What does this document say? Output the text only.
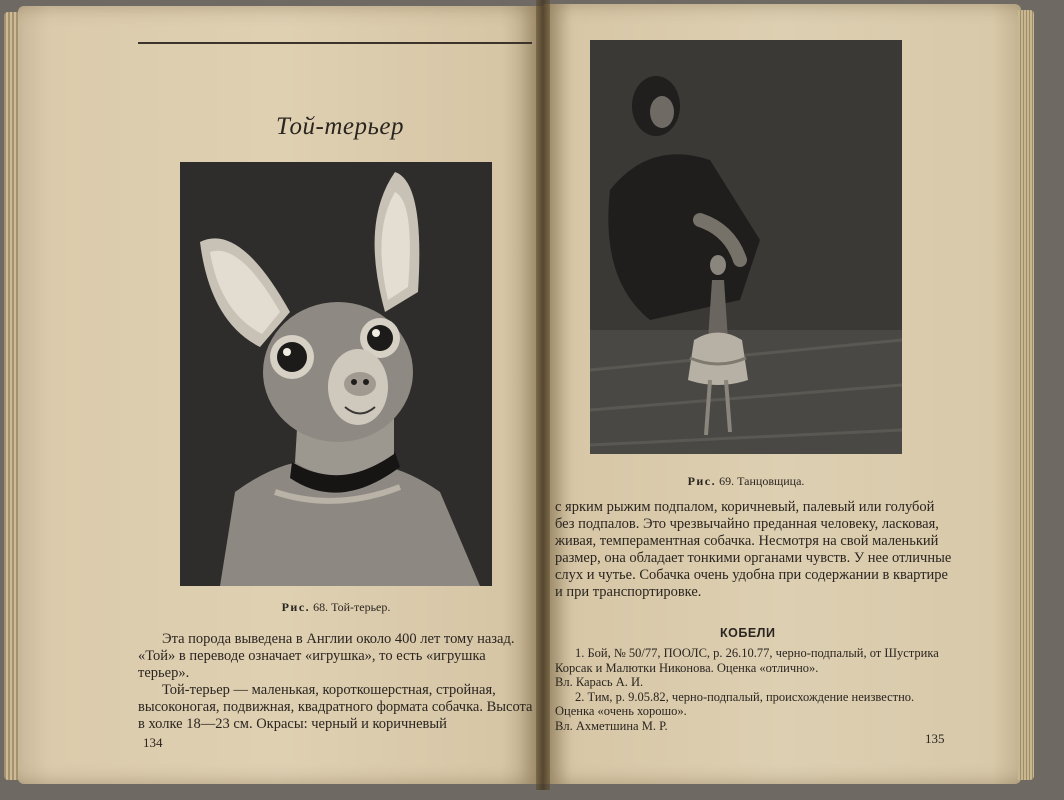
Той-терьер
Рис. 68. Той-терьер.

Эта порода выведена в Англии около 400 лет тому назад. «Той» в переводе означает «игрушка», то есть «игрушка терьер».

Той-терьер — маленькая, короткошерстная, стройная, высоконогая, подвижная, квадратного формата собачка. Высота в холке 18—23 см. Окрасы: черный и коричневый

134
Рис. 69. Танцовщица.

с ярким рыжим подпалом, коричневый, палевый или голубой без подпалов. Это чрезвычайно преданная человеку, ласковая, живая, темпераментная собачка. Несмотря на свой маленький размер, она обладает тонкими органами чувств. У нее отличные слух и чутье. Собачка очень удобна при содержании в квартире и при транспортировке.

КОБЕЛИ

1. Бой, № 50/77, ПООЛС, р. 26.10.77, черно-подпалый, от Шустрика Корсак и Малютки Никонова. Оценка «отлично».

Вл. Карась А. И.

2. Тим, р. 9.05.82, черно-подпалый, происхождение неизвестно. Оценка «очень хорошо».

Вл. Ахметшина М. Р.

135
